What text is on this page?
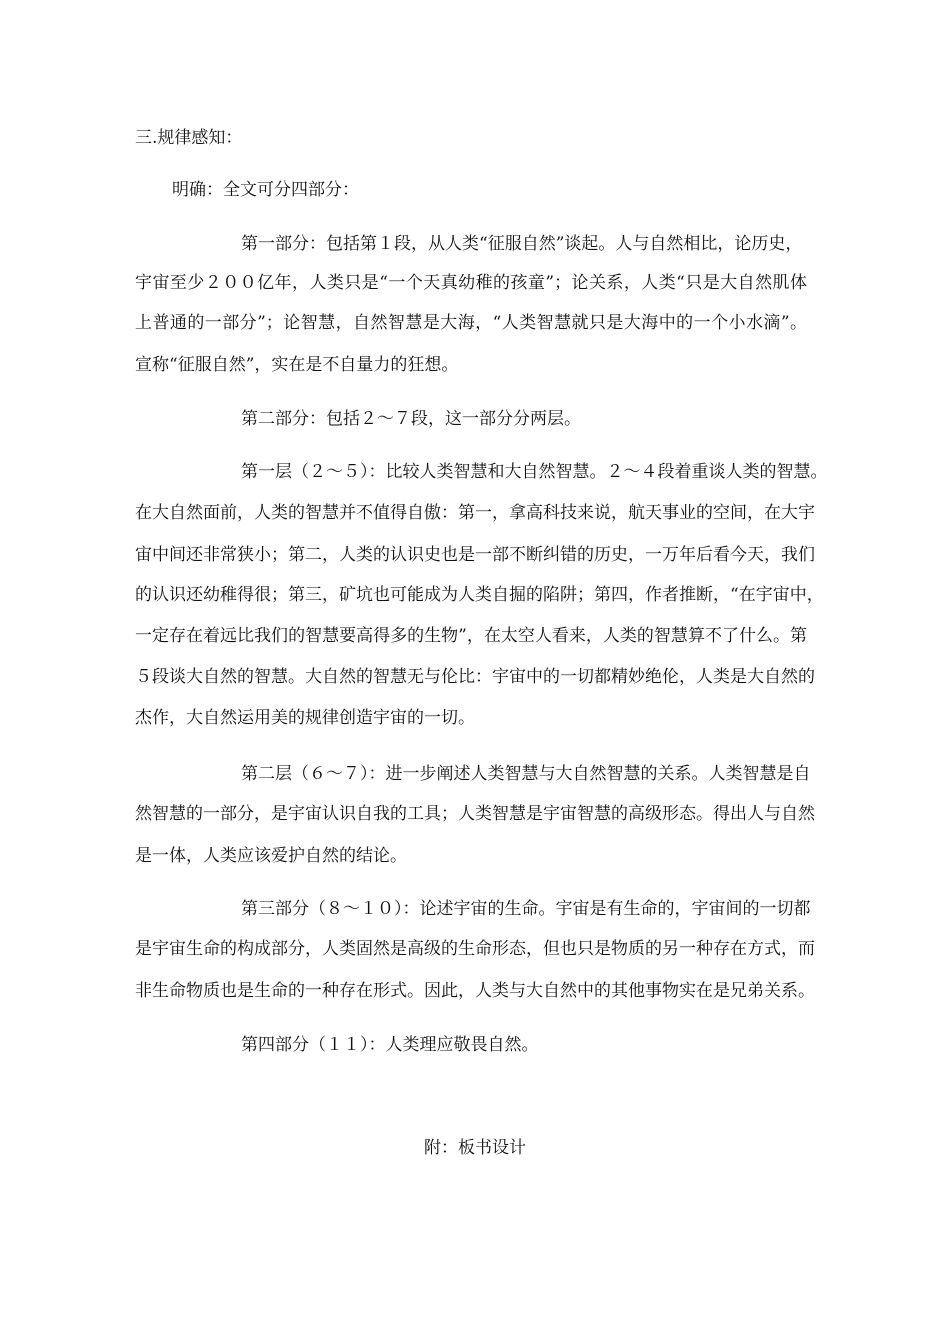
三.规律感知：

明确：全文可分四部分：

第一部分：包括第１段，从人类“征服自然”谈起。人与自然相比，论历史，

宇宙至少２００亿年，人类只是“一个天真幼稚的孩童”；论关系，人类“只是大自然肌体

上普通的一部分”；论智慧，自然智慧是大海，“人类智慧就只是大海中的一个小水滴”。

宣称“征服自然”，实在是不自量力的狂想。

第二部分：包括２～７段，这一部分分两层。

第一层（２～５）：比较人类智慧和大自然智慧。２～４段着重谈人类的智慧。

在大自然面前，人类的智慧并不值得自傲：第一，拿高科技来说，航天事业的空间，在大宇

宙中间还非常狭小；第二，人类的认识史也是一部不断纠错的历史，一万年后看今天，我们

的认识还幼稚得很；第三，矿坑也可能成为人类自掘的陷阱；第四，作者推断，“在宇宙中，

一定存在着远比我们的智慧要高得多的生物”，在太空人看来，人类的智慧算不了什么。第

５段谈大自然的智慧。大自然的智慧无与伦比：宇宙中的一切都精妙绝伦，人类是大自然的

杰作，大自然运用美的规律创造宇宙的一切。

第二层（６～７）：进一步阐述人类智慧与大自然智慧的关系。人类智慧是自

然智慧的一部分，是宇宙认识自我的工具；人类智慧是宇宙智慧的高级形态。得出人与自然

是一体，人类应该爱护自然的结论。

第三部分（８～１０）：论述宇宙的生命。宇宙是有生命的，宇宙间的一切都

是宇宙生命的构成部分，人类固然是高级的生命形态，但也只是物质的另一种存在方式，而

非生命物质也是生命的一种存在形式。因此，人类与大自然中的其他事物实在是兄弟关系。

第四部分（１１）：人类理应敬畏自然。

附：板书设计
